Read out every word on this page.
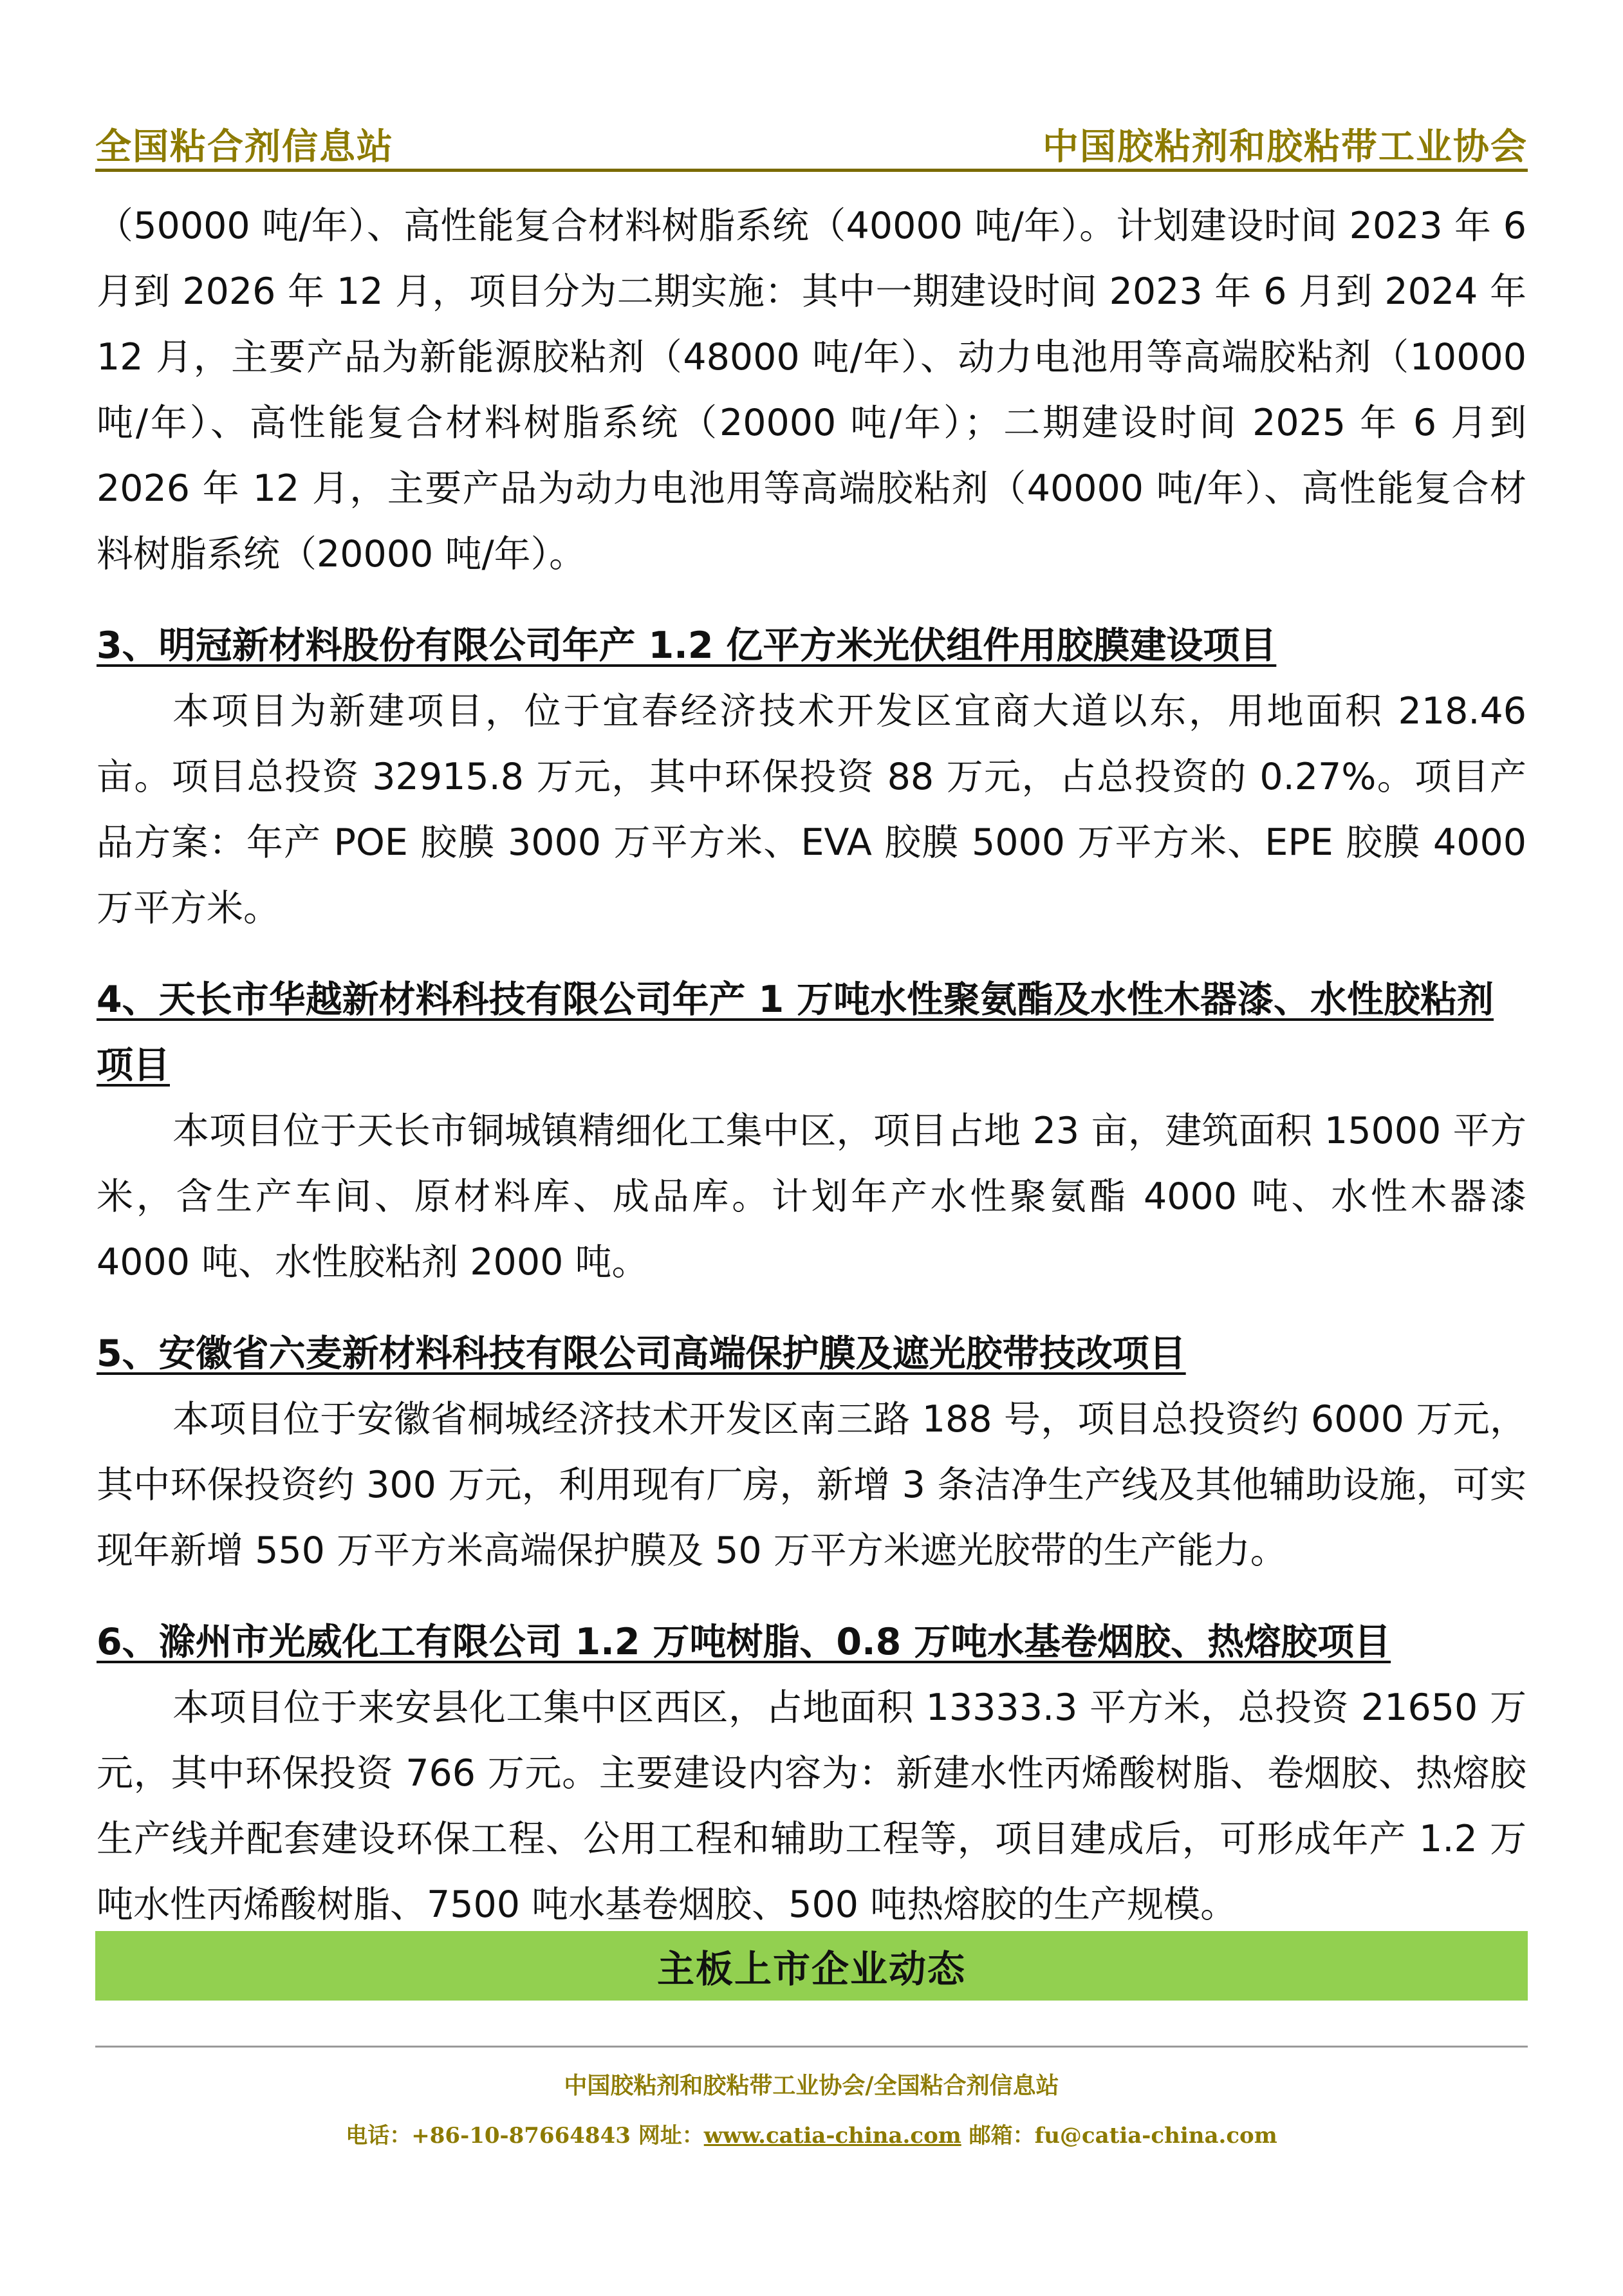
全国粘合剂信息站	中国胶粘剂和胶粘带工业协会

（50000 吨/年）、高性能复合材料树脂系统（40000 吨/年）。计划建设时间 2023 年 6 月到 2026 年 12 月，项目分为二期实施：其中一期建设时间 2023 年 6 月到 2024 年 12 月，主要产品为新能源胶粘剂（48000 吨/年）、动力电池用等高端胶粘剂（10000 吨/年）、高性能复合材料树脂系统（20000 吨/年）；二期建设时间 2025 年 6 月到 2026 年 12 月，主要产品为动力电池用等高端胶粘剂（40000 吨/年）、高性能复合材料树脂系统（20000 吨/年）。

3、明冠新材料股份有限公司年产 1.2 亿平方米光伏组件用胶膜建设项目

本项目为新建项目，位于宜春经济技术开发区宜商大道以东，用地面积 218.46 亩。项目总投资 32915.8 万元，其中环保投资 88 万元，占总投资的 0.27%。项目产品方案：年产 POE 胶膜 3000 万平方米、EVA 胶膜 5000 万平方米、EPE 胶膜 4000 万平方米。

4、天长市华越新材料科技有限公司年产 1 万吨水性聚氨酯及水性木器漆、水性胶粘剂项目

本项目位于天长市铜城镇精细化工集中区，项目占地 23 亩，建筑面积 15000 平方米，含生产车间、原材料库、成品库。计划年产水性聚氨酯 4000 吨、水性木器漆 4000 吨、水性胶粘剂 2000 吨。

5、安徽省六麦新材料科技有限公司高端保护膜及遮光胶带技改项目

本项目位于安徽省桐城经济技术开发区南三路 188 号，项目总投资约 6000 万元，其中环保投资约 300 万元，利用现有厂房，新增 3 条洁净生产线及其他辅助设施，可实现年新增 550 万平方米高端保护膜及 50 万平方米遮光胶带的生产能力。

6、滁州市光威化工有限公司 1.2 万吨树脂、0.8 万吨水基卷烟胶、热熔胶项目

本项目位于来安县化工集中区西区，占地面积 13333.3 平方米，总投资 21650 万元，其中环保投资 766 万元。主要建设内容为：新建水性丙烯酸树脂、卷烟胶、热熔胶生产线并配套建设环保工程、公用工程和辅助工程等，项目建成后，可形成年产 1.2 万吨水性丙烯酸树脂、7500 吨水基卷烟胶、500 吨热熔胶的生产规模。

主板上市企业动态
中国胶粘剂和胶粘带工业协会/全国粘合剂信息站
电话：+86-10-87664843 网址：www.catia-china.com 邮箱：fu@catia-china.com
